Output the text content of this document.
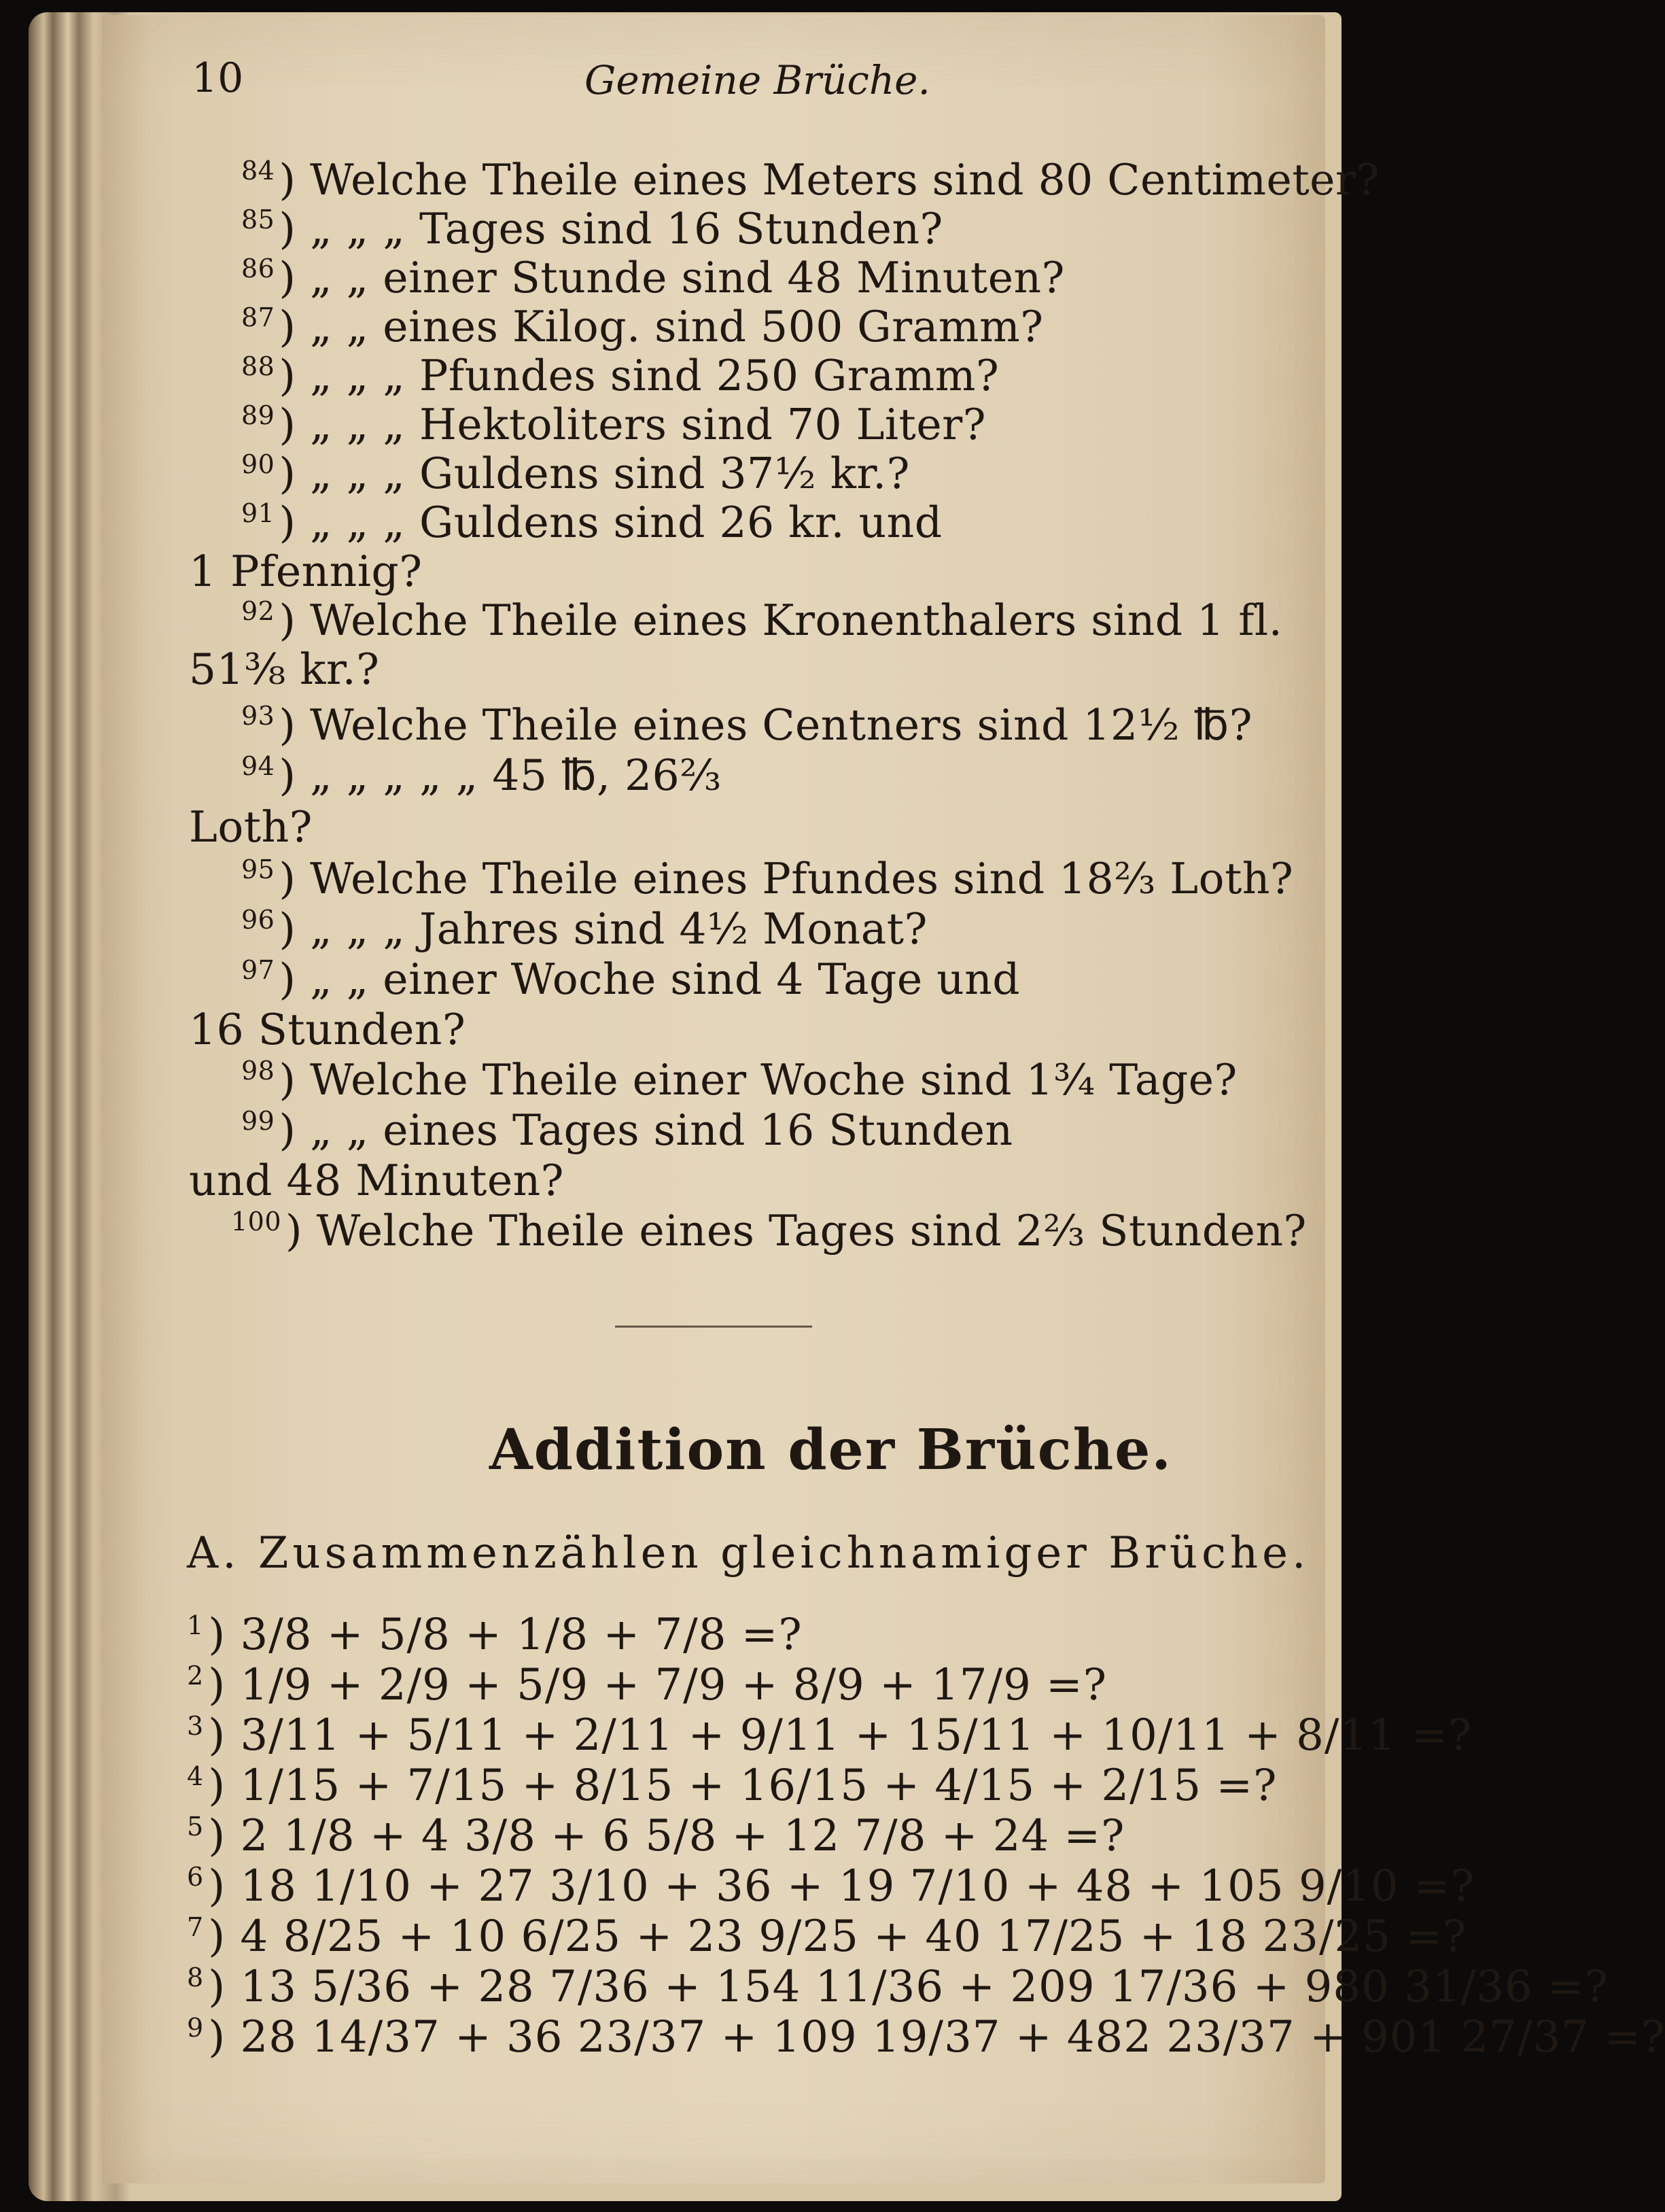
10	Gemeine Brüche.
$^{84}$) Welche Theile eines Meters sind 80 Centimeter?
$^{85}$) „ „ „ Tages sind 16 Stunden?
$^{86}$) „ „ einer Stunde sind 48 Minuten?
$^{87}$) „ „ eines Kilog. sind 500 Gramm?
$^{88}$) „ „ „ Pfundes sind 250 Gramm?
$^{89}$) „ „ „ Hektoliters sind 70 Liter?
$^{90}$) „ „ „ Guldens sind 37½ kr.?
$^{91}$) „ „ „ Guldens sind 26 kr. und
1 Pfennig?
$^{92}$) Welche Theile eines Kronenthalers sind 1 fl.
51⅜ kr.?
$^{93}$) Welche Theile eines Centners sind 12½ ℔?
$^{94}$) „ „ „ „ „ 45 ℔, 26⅔
Loth?
$^{95}$) Welche Theile eines Pfundes sind 18⅔ Loth?
$^{96}$) „ „ „ Jahres sind 4½ Monat?
$^{97}$) „ „ einer Woche sind 4 Tage und
16 Stunden?
$^{98}$) Welche Theile einer Woche sind 1¾ Tage?
$^{99}$) „ „ eines Tages sind 16 Stunden
und 48 Minuten?
$^{100}$) Welche Theile eines Tages sind 2⅔ Stunden?
Addition der Brüche.
A. Zusammenzählen gleichnamiger Brüche.
$^1$) 3/8 + 5/8 + 1/8 + 7/8 =?
$^2$) 1/9 + 2/9 + 5/9 + 7/9 + 8/9 + 17/9 =?
$^3$) 3/11 + 5/11 + 2/11 + 9/11 + 15/11 + 10/11 + 8/11 =?
$^4$) 1/15 + 7/15 + 8/15 + 16/15 + 4/15 + 2/15 =?
$^5$) 2 1/8 + 4 3/8 + 6 5/8 + 12 7/8 + 24 =?
$^6$) 18 1/10 + 27 3/10 + 36 + 19 7/10 + 48 + 105 9/10 =?
$^7$) 4 8/25 + 10 6/25 + 23 9/25 + 40 17/25 + 18 23/25 =?
$^8$) 13 5/36 + 28 7/36 + 154 11/36 + 209 17/36 + 980 31/36 =?
$^9$) 28 14/37 + 36 23/37 + 109 19/37 + 482 23/37 + 901 27/37 =?
